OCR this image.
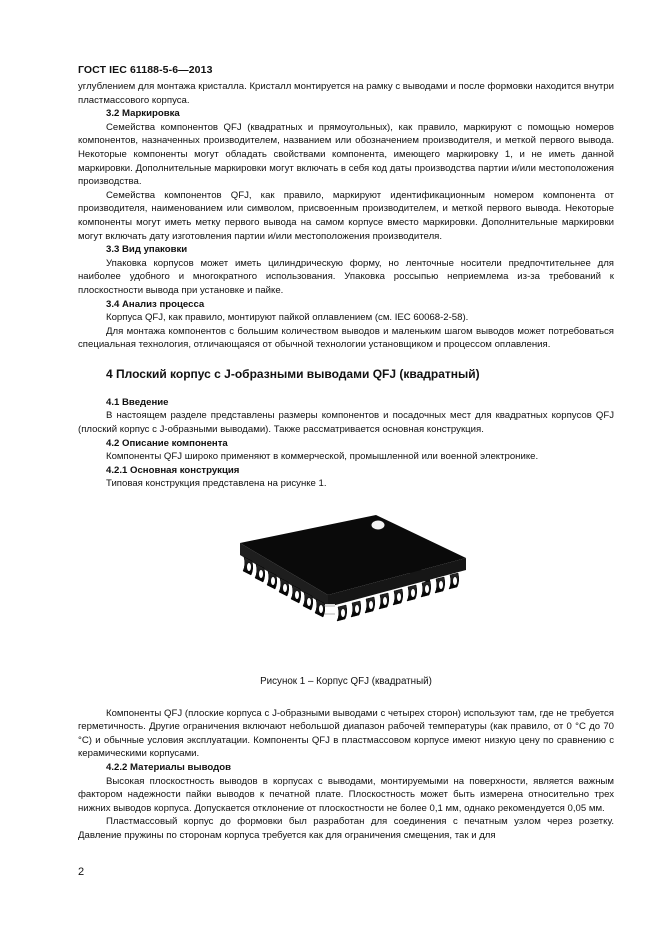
ГОСТ IEC 61188-5-6—2013

углублением для монтажа кристалла. Кристалл монтируется на рамку с выводами и после формовки находится внутри пластмассового корпуса.

3.2 Маркировка

Семейства компонентов QFJ (квадратных и прямоугольных), как правило, маркируют с помощью номеров компонентов, назначенных производителем, названием или обозначением производителя, и меткой первого вывода. Некоторые компоненты могут обладать свойствами компонента, имеющего маркировку 1, и не иметь данной маркировки. Дополнительные маркировки могут включать в себя код даты производства партии и/или местоположения производства.

Семейства компонентов QFJ, как правило, маркируют идентификационным номером компонента от производителя, наименованием или символом, присвоенным производителем, и меткой первого вывода. Некоторые компоненты могут иметь метку первого вывода на самом корпусе вместо маркировки. Дополнительные маркировки могут включать дату изготовления партии и/или местоположения производителя.

3.3 Вид упаковки

Упаковка корпусов может иметь цилиндрическую форму, но ленточные носители предпочтительнее для наиболее удобного и многократного использования. Упаковка россыпью неприемлема из-за требований к плоскостности вывода при установке и пайке.

3.4 Анализ процесса

Корпуса QFJ, как правило, монтируют пайкой оплавлением (см. IEC 60068-2-58).

Для монтажа компонентов с большим количеством выводов и маленьким шагом выводов может потребоваться специальная технология, отличающаяся от обычной технологии установщиком и процессом оплавления.

4 Плоский корпус с J-образными выводами QFJ (квадратный)

4.1 Введение

В настоящем разделе представлены размеры компонентов и посадочных мест для квадратных корпусов QFJ (плоский корпус с J-образными выводами). Также рассматривается основная конструкция.

4.2 Описание компонента

Компоненты QFJ широко применяют в коммерческой, промышленной или военной электронике.

4.2.1 Основная конструкция

Типовая конструкция представлена на рисунке 1.

Рисунок 1 – Корпус QFJ (квадратный)

Компоненты QFJ (плоские корпуса с J-образными выводами с четырех сторон) используют там, где не требуется герметичность. Другие ограничения включают небольшой диапазон рабочей температуры (как правило, от 0 °С до 70 °С) и обычные условия эксплуатации. Компоненты QFJ в пластмассовом корпусе имеют низкую цену по сравнению с керамическими корпусами.

4.2.2 Материалы выводов

Высокая плоскостность выводов в корпусах с выводами, монтируемыми на поверхности, является важным фактором надежности пайки выводов к печатной плате. Плоскостность может быть измерена относительно трех нижних выводов корпуса. Допускается отклонение от плоскостности не более 0,1 мм, однако рекомендуется 0,05 мм.

Пластмассовый корпус до формовки был разработан для соединения с печатным узлом через розетку. Давление пружины по сторонам корпуса требуется как для ограничения смещения, так и для

2
